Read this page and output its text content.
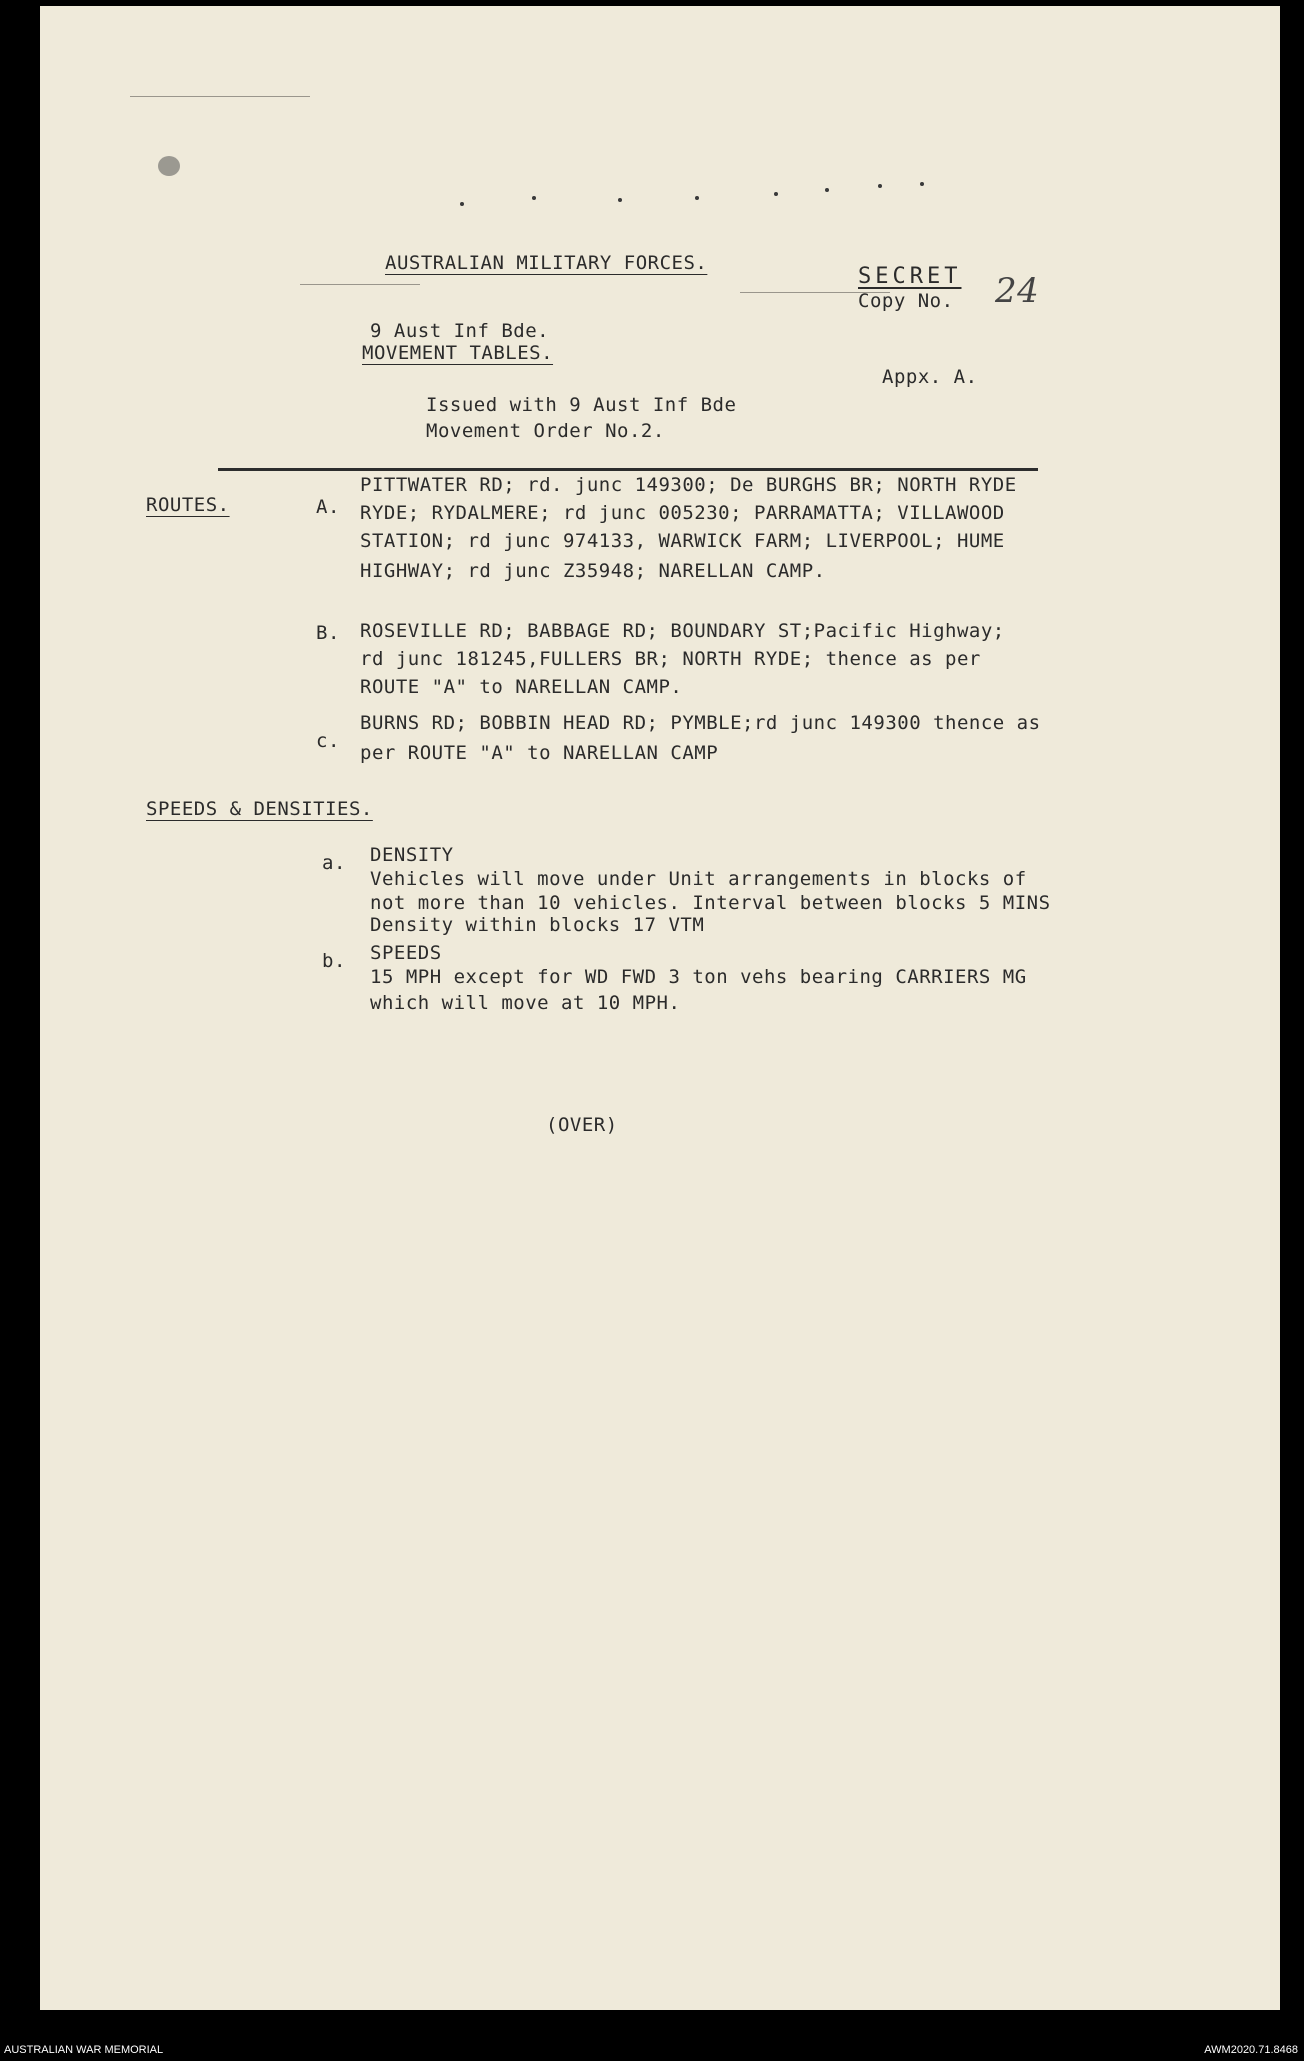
AUSTRALIAN MILITARY FORCES.
SECRET
Copy No. 24
9 Aust Inf Bde.
MOVEMENT TABLES.
Appx. A.
Issued with 9 Aust Inf Bde
Movement Order No.2.
ROUTES.	A.
PITTWATER RD; rd. junc 149300; De BURGHS BR; NORTH RYDE
RYDE; RYDALMERE; rd junc 005230; PARRAMATTA; VILLAWOOD
STATION; rd junc 974133, WARWICK FARM; LIVERPOOL; HUME
HIGHWAY; rd junc Z35948; NARELLAN CAMP.
B. ROSEVILLE RD; BABBAGE RD; BOUNDARY ST;Pacific Highway;
rd junc 181245,FULLERS BR; NORTH RYDE; thence as per
ROUTE "A" to NARELLAN CAMP.
c.
BURNS RD; BOBBIN HEAD RD; PYMBLE;rd junc 149300 thence as
per ROUTE "A" to NARELLAN CAMP
SPEEDS & DENSITIES.
a. DENSITY
Vehicles will move under Unit arrangements in blocks of
not more than 10 vehicles. Interval between blocks 5 MINS
Density within blocks 17 VTM
b. SPEEDS
15 MPH except for WD FWD 3 ton vehs bearing CARRIERS MG
which will move at 10 MPH.
(OVER)
AUSTRALIAN WAR MEMORIAL	AWM2020.71.8468
